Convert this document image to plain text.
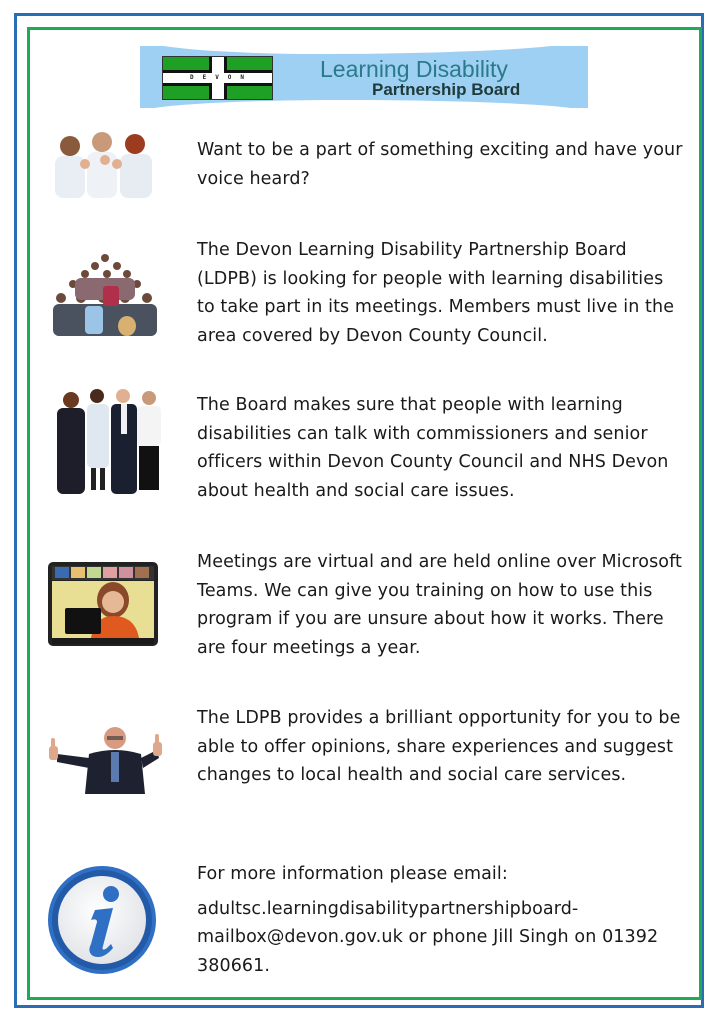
DEVON	Learning Disability
Partnership Board

Want to be a part of something exciting and have your voice heard?

The Devon Learning Disability Partnership Board (LDPB) is looking for people with learning disabilities to take part in its meetings. Members must live in the area covered by Devon County Council.

The Board makes sure that people with learning disabilities can talk with commissioners and senior officers within Devon County Council and NHS Devon about health and social care issues.

Meetings are virtual and are held online over Microsoft Teams. We can give you training on how to use this program if you are unsure about how it works. There are four meetings a year.

The LDPB provides a brilliant opportunity for you to be able to offer opinions, share experiences and suggest changes to local health and social care services.

For more information please email:

adultsc.learningdisabilitypartnershipboard-mailbox@devon.gov.uk or phone Jill Singh on 01392 380661.
